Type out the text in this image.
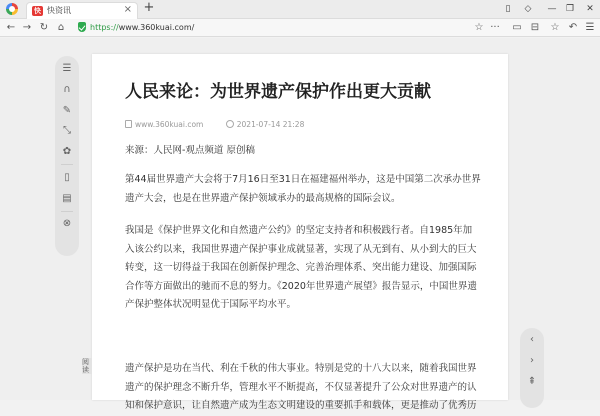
快 快资讯	× +	▯	◇	—	❐	✕
← → ↻ ⌂	https://www.360kuai.com/	☆ ··· ▭ ⊟ ☆ ↶ ☰
☰
∩
✎
⤡
✿
▯
▤
⊗
人民来论：为世界遗产保护作出更大贡献
www.360kuai.com	2021-07-14 21:28
来源：人民网-观点频道 原创稿
第44届世界遗产大会将于7月16日至31日在福建福州举办，这是中国第二次承办世界遗产大会，也是在世界遗产保护领域承办的最高规格的国际会议。
我国是《保护世界文化和自然遗产公约》的坚定支持者和积极践行者。自1985年加入该公约以来，我国世界遗产保护事业成就显著，实现了从无到有、从小到大的巨大转变，这一切得益于我国在创新保护理念、完善治理体系、突出能力建设、加强国际合作等方面做出的驰而不息的努力。《2020年世界遗产展望》报告显示，中国世界遗产保护整体状况明显优于国际平均水平。
遗产保护是功在当代、利在千秋的伟大事业。特别是党的十八大以来，随着我国世界遗产的保护理念不断升华，管理水平不断提高，不仅显著提升了公众对世界遗产的认知和保护意识，让自然遗产成为生态文明建设的重要抓手和载体，更是推动了优秀历
阅读
‹
›
⇞
